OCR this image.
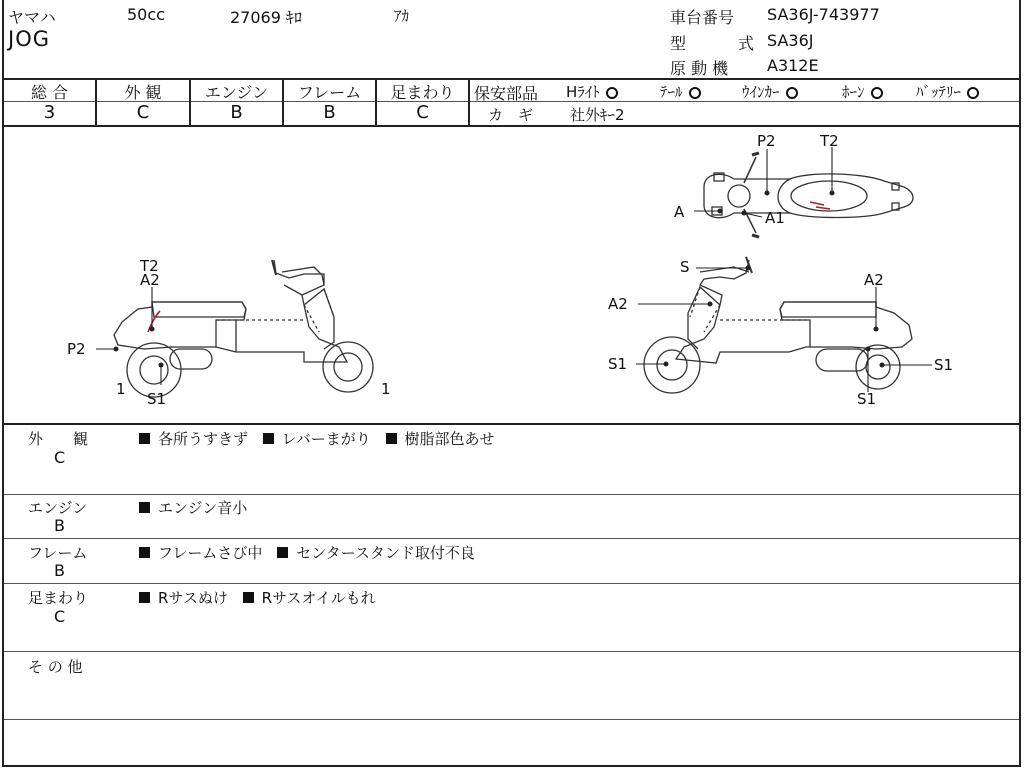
ヤマハ	50cc	27069 ｷﾛ	ｱｶ
JOG
車台番号 SA36J-743977
型	式 SA36J
原 動 機 A312E
総 合	外 観	エンジン	フレーム	足まわり
3	C	B	B	C
保安部品 Hﾗｲﾄ	ﾃｰﾙ	ｳｲﾝｶｰ	ﾎｰﾝ	ﾊﾞｯﾃﾘｰ
カ　ギ 社外ｷｰ2
T2
A2
P2
S1
1	1
P2	T2
A	A1
S
A2
A2
S1	S1
S1
外　　観
C
各所うすきず レバーまがり 樹脂部色あせ
エンジン
B
エンジン音小
フレーム
B
フレームさび中 センタースタンド取付不良
足まわり
C
Rサスぬけ Rサスオイルもれ
そ の 他
